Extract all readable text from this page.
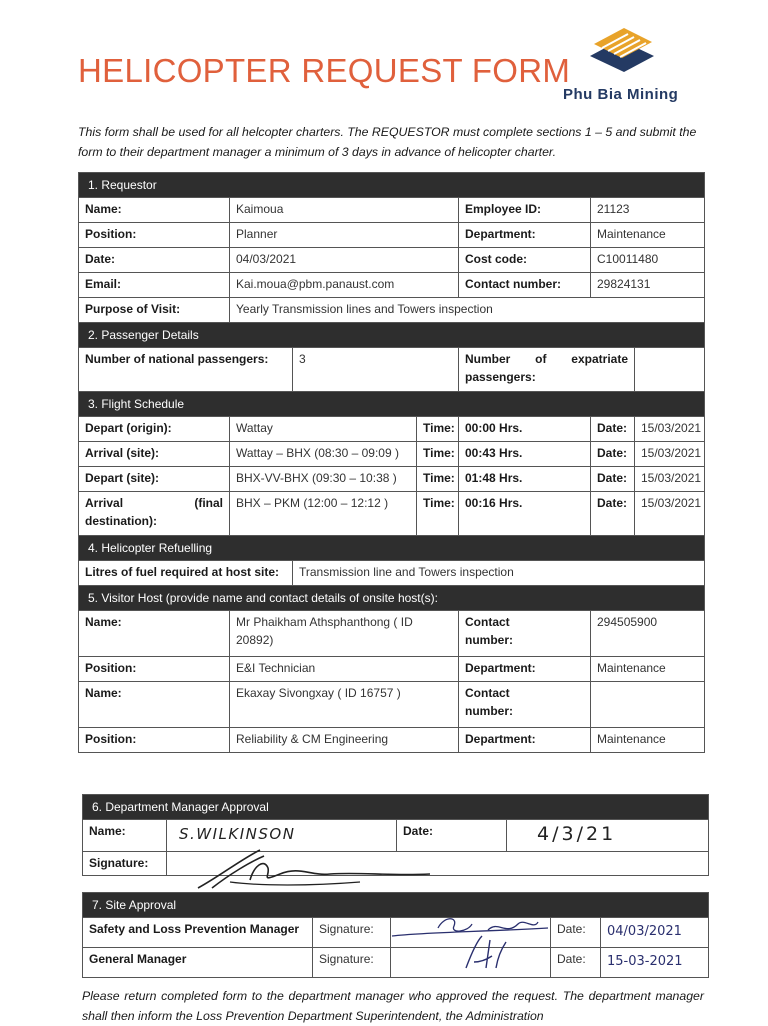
HELICOPTER REQUEST FORM
Phu Bia Mining
This form shall be used for all helcopter charters. The REQUESTOR must complete sections 1 – 5 and submit the form to their department manager a minimum of 3 days in advance of helicopter charter.
1. Requestor						
Name:	Kaimoua			Employee ID:	21123	
Position:	Planner			Department:	Maintenance	
Date:	04/03/2021			Cost code:	C10011480	
Email:	Kai.moua@pbm.panaust.com			Contact number:	29824131	
Purpose of Visit:	Yearly Transmission lines and Towers inspection					
2. Passenger Details						
Number of national passengers:		3		Number of expatriate
passengers:		
3. Flight Schedule						
Depart (origin):	Wattay		Time:	00:00 Hrs.	Date:	15/03/2021
Arrival (site):	Wattay – BHX (08:30 – 09:09 )		Time:	00:43 Hrs.	Date:	15/03/2021
Depart (site):	BHX-VV-BHX (09:30 – 10:38 )		Time:	01:48 Hrs.	Date:	15/03/2021

Arrival (final
destination):	BHX – PKM (12:00 – 12:12 )		Time:	00:16 Hrs.	Date:	15/03/2021
4. Helicopter Refuelling						
Litres of fuel required at host site:		Transmission line and Towers inspection				
5. Visitor Host (provide name and contact details of onsite host(s):						
Name:	Mr Phaikham Athsphanthong ( ID 20892)			Contact
number:	294505900	
Position:	E&I Technician			Department:	Maintenance	
Name:	Ekaxay Sivongxay ( ID 16757 )			Contact
number:		

Position:	Reliability & CM Engineering			Department:	Maintenance	
6. Department Manager Approval			
Name:	S.WILKINSON	Date:	4/3/21

Signature:			
7. Site Approval				
Safety and Loss Prevention Manager	Signature:		Date:	04/03/2021

General Manager	Signature:		Date:	15-03-2021
Please return completed form to the department manager who approved the request. The department manager shall then inform the Loss Prevention Department Superintendent, the Administration
